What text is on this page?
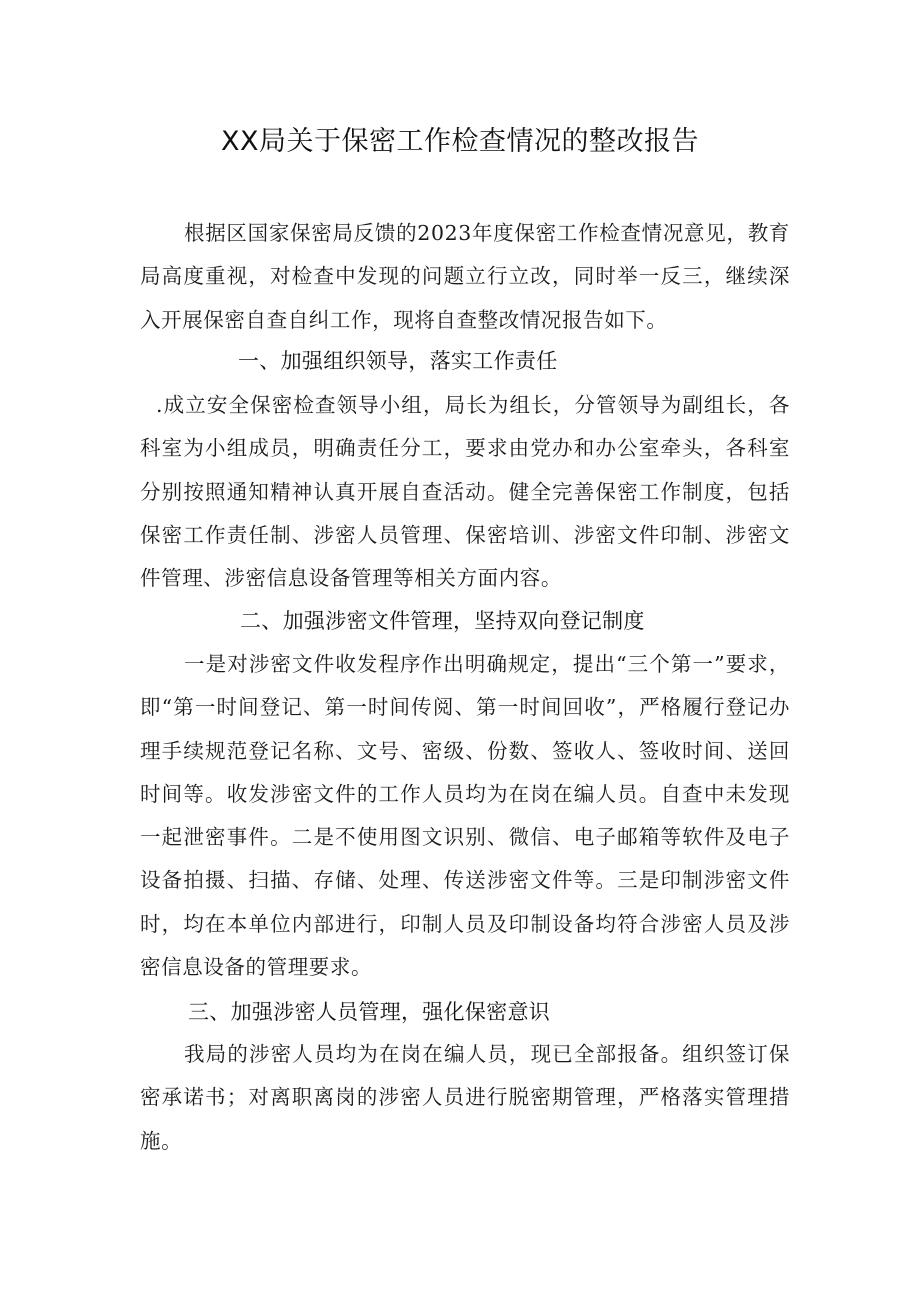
XX局关于保密工作检查情况的整改报告
根据区国家保密局反馈的2023年度保密工作检查情况意见，教育局高度重视，对检查中发现的问题立行立改，同时举一反三，继续深入开展保密自查自纠工作，现将自查整改情况报告如下。
一、加强组织领导，落实工作责任
.成立安全保密检查领导小组，局长为组长，分管领导为副组长，各科室为小组成员，明确责任分工，要求由党办和办公室牵头，各科室分别按照通知精神认真开展自查活动。健全完善保密工作制度，包括保密工作责任制、涉密人员管理、保密培训、涉密文件印制、涉密文件管理、涉密信息设备管理等相关方面内容。
二、加强涉密文件管理，坚持双向登记制度
一是对涉密文件收发程序作出明确规定，提出“三个第一”要求，即“第一时间登记、第一时间传阅、第一时间回收”，严格履行登记办理手续规范登记名称、文号、密级、份数、签收人、签收时间、送回时间等。收发涉密文件的工作人员均为在岗在编人员。自查中未发现一起泄密事件。二是不使用图文识别、微信、电子邮箱等软件及电子设备拍摄、扫描、存储、处理、传送涉密文件等。三是印制涉密文件时，均在本单位内部进行，印制人员及印制设备均符合涉密人员及涉密信息设备的管理要求。
三、加强涉密人员管理，强化保密意识
我局的涉密人员均为在岗在编人员，现已全部报备。组织签订保密承诺书；对离职离岗的涉密人员进行脱密期管理，严格落实管理措施。
